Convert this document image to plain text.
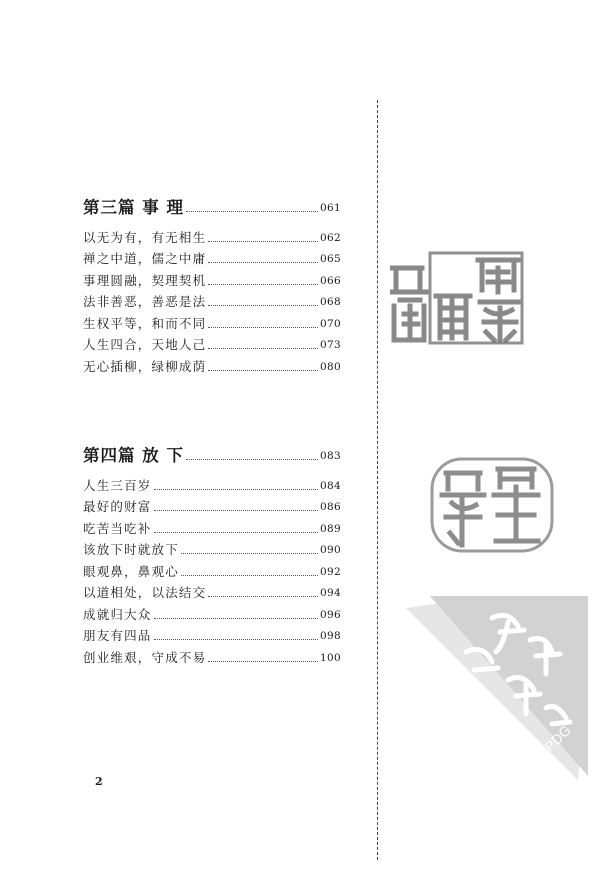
第三篇 事 理	061
以无为有，有无相生	062
禅之中道，儒之中庸	065
事理圆融，契理契机	066
法非善恶，善恶是法	068
生权平等，和而不同	070
人生四合，天地人己	073
无心插柳，绿柳成荫	080
第四篇 放 下	083
人生三百岁	084
最好的财富	086
吃苦当吃补	089
该放下时就放下	090
眼观鼻，鼻观心	092
以道相处，以法结交	094
成就归大众	096
朋友有四品	098
创业维艰，守成不易	100
2
PDG
